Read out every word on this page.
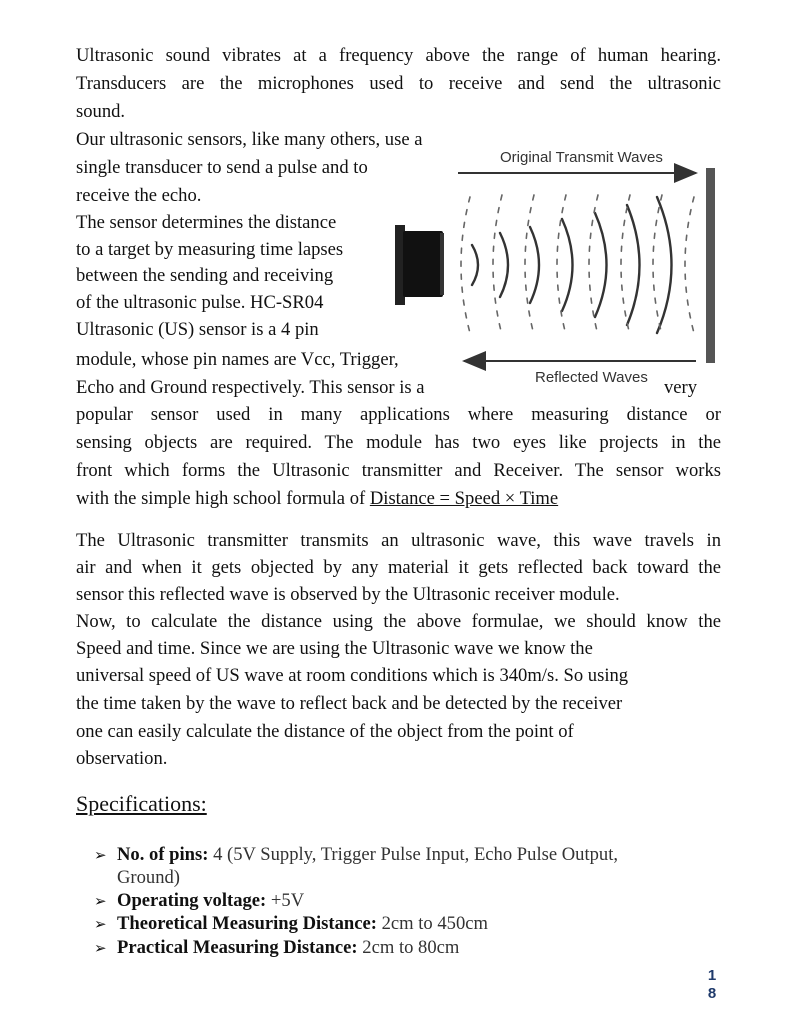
Ultrasonic sound vibrates at a frequency above the range of human hearing.

Transducers are the microphones used to receive and send the ultrasonic

sound.

Our ultrasonic sensors, like many others, use a

single transducer to send a pulse and to

receive the echo.

The sensor determines the distance

to a target by measuring time lapses

between the sending and receiving

of the ultrasonic pulse. HC-SR04

Ultrasonic (US) sensor is a 4 pin

module, whose pin names are Vcc, Trigger,

Echo and Ground respectively. This sensor is a	very

popular sensor used in many applications where measuring distance or

sensing objects are required. The module has two eyes like projects in the

front which forms the Ultrasonic transmitter and Receiver. The sensor works

with the simple high school formula of Distance = Speed × Time

The Ultrasonic transmitter transmits an ultrasonic wave, this wave travels in

air and when it gets objected by any material it gets reflected back toward the

sensor this reflected wave is observed by the Ultrasonic receiver module.

Now, to calculate the distance using the above formulae, we should know the

Speed and time. Since we are using the Ultrasonic wave we know the

universal speed of US wave at room conditions which is 340m/s. So using

the time taken by the wave to reflect back and be detected by the receiver

one can easily calculate the distance of the object from the point of

observation.

Specifications:
➢ No. of pins: 4 (5V Supply, Trigger Pulse Input, Echo Pulse Output,
Ground)
➢ Operating voltage: +5V
➢ Theoretical Measuring Distance: 2cm to 450cm
➢ Practical Measuring Distance: 2cm to 80cm
1
8
Original Transmit Waves
Reflected Waves
